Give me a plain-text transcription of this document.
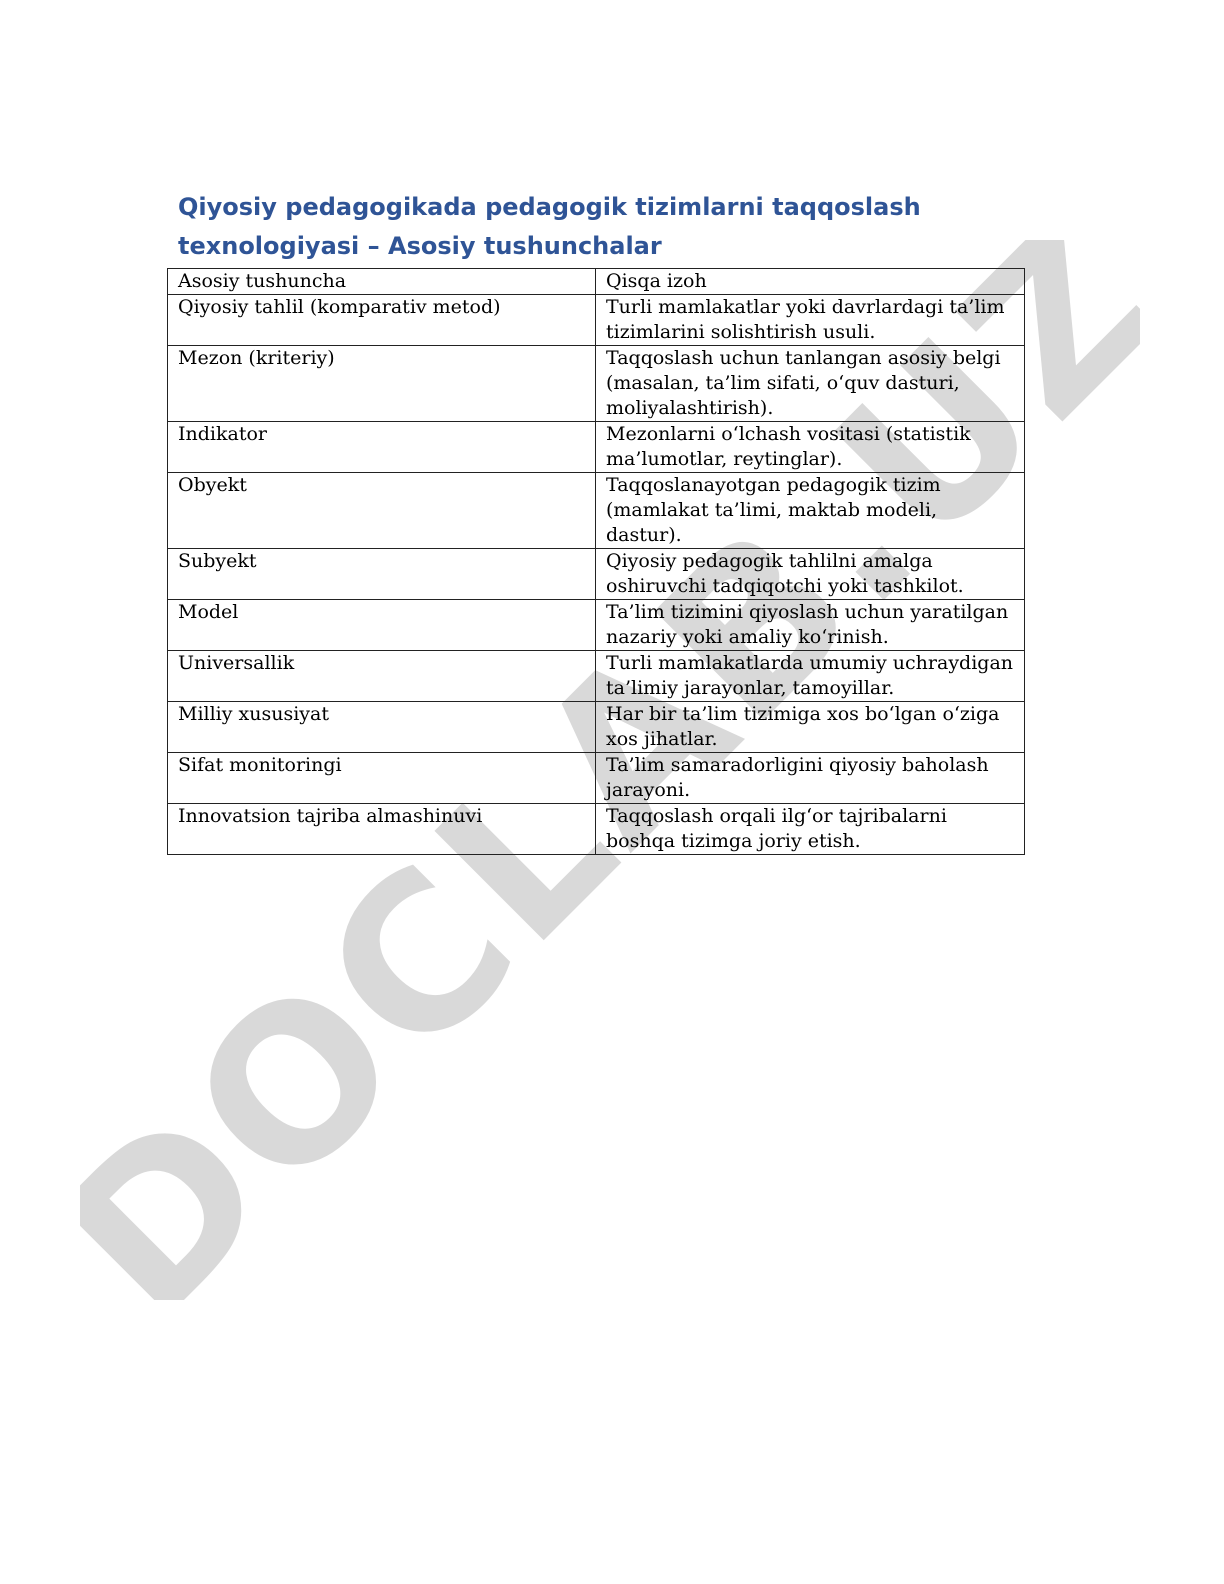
DOCLAB.UZ
Qiyosiy pedagogikada pedagogik tizimlarni taqqoslash texnologiyasi – Asosiy tushunchalar
Asosiy tushuncha	Qisqa izoh
Qiyosiy tahlil (komparativ metod)	Turli mamlakatlar yoki davrlardagi ta’lim tizimlarini solishtirish usuli.
Mezon (kriteriy)	Taqqoslash uchun tanlangan asosiy belgi (masalan, ta’lim sifati, o‘quv dasturi, moliyalashtirish).
Indikator	Mezonlarni o‘lchash vositasi (statistik ma’lumotlar, reytinglar).
Obyekt	Taqqoslanayotgan pedagogik tizim (mamlakat ta’limi, maktab modeli, dastur).
Subyekt	Qiyosiy pedagogik tahlilni amalga oshiruvchi tadqiqotchi yoki tashkilot.
Model	Ta’lim tizimini qiyoslash uchun yaratilgan nazariy yoki amaliy ko‘rinish.
Universallik	Turli mamlakatlarda umumiy uchraydigan ta’limiy jarayonlar, tamoyillar.
Milliy xususiyat	Har bir ta’lim tizimiga xos bo‘lgan o‘ziga xos jihatlar.
Sifat monitoringi	Ta’lim samaradorligini qiyosiy baholash jarayoni.
Innovatsion tajriba almashinuvi	Taqqoslash orqali ilg‘or tajribalarni boshqa tizimga joriy etish.
